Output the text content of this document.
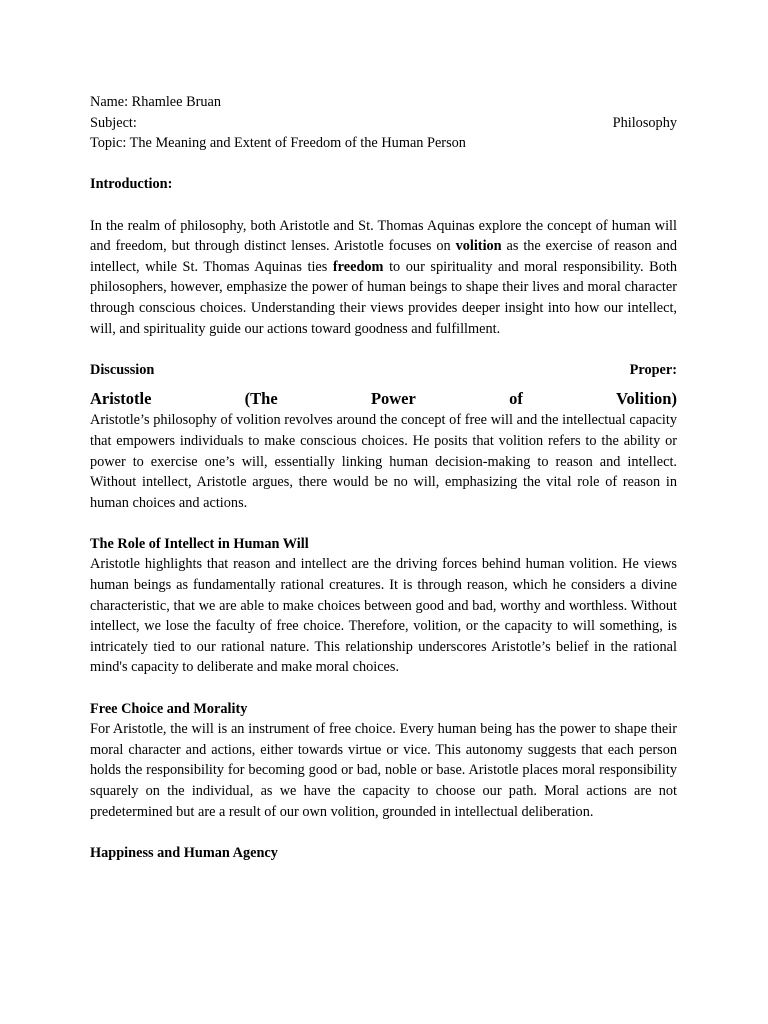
Name: Rhamlee Bruan
Subject:	Philosophy
Topic: The Meaning and Extent of Freedom of the Human Person
Introduction:

In the realm of philosophy, both Aristotle and St. Thomas Aquinas explore the concept of human will and freedom, but through distinct lenses. Aristotle focuses on volition as the exercise of reason and intellect, while St. Thomas Aquinas ties freedom to our spirituality and moral responsibility. Both philosophers, however, emphasize the power of human beings to shape their lives and moral character through conscious choices. Understanding their views provides deeper insight into how our intellect, will, and spirituality guide our actions toward goodness and fulfillment.

Discussion	Proper:
Aristotle	(The	Power	of	Volition)

Aristotle’s philosophy of volition revolves around the concept of free will and the intellectual capacity that empowers individuals to make conscious choices. He posits that volition refers to the ability or power to exercise one’s will, essentially linking human decision-making to reason and intellect. Without intellect, Aristotle argues, there would be no will, emphasizing the vital role of reason in human choices and actions.

The Role of Intellect in Human Will

Aristotle highlights that reason and intellect are the driving forces behind human volition. He views human beings as fundamentally rational creatures. It is through reason, which he considers a divine characteristic, that we are able to make choices between good and bad, worthy and worthless. Without intellect, we lose the faculty of free choice. Therefore, volition, or the capacity to will something, is intricately tied to our rational nature. This relationship underscores Aristotle’s belief in the rational mind's capacity to deliberate and make moral choices.

Free Choice and Morality

For Aristotle, the will is an instrument of free choice. Every human being has the power to shape their moral character and actions, either towards virtue or vice. This autonomy suggests that each person holds the responsibility for becoming good or bad, noble or base. Aristotle places moral responsibility squarely on the individual, as we have the capacity to choose our path. Moral actions are not predetermined but are a result of our own volition, grounded in intellectual deliberation.

Happiness and Human Agency
